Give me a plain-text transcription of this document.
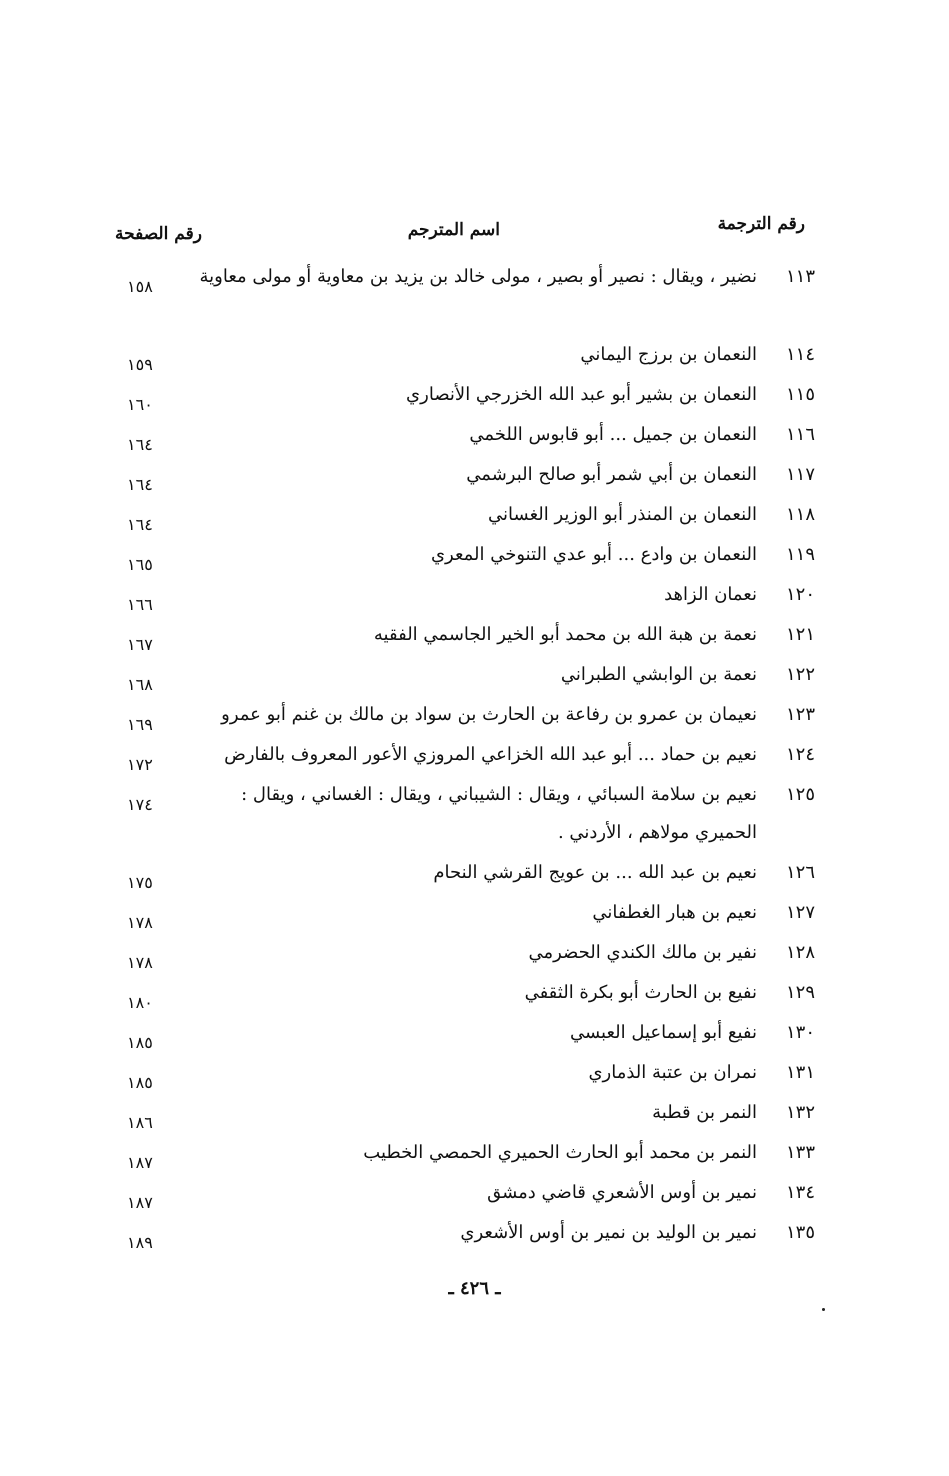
رقم الترجمة
اسم المترجم
رقم الصفحة
١١٣
نضير ، ويقال : نصير أو بصير ، مولى خالد بن يزيد بن معاوية أو مولى معاوية
١٥٨
١١٤
النعمان بن برزج اليماني
١٥٩
١١٥
النعمان بن بشير أبو عبد الله الخزرجي الأنصاري
١٦٠
١١٦
النعمان بن جميل ... أبو قابوس اللخمي
١٦٤
١١٧
النعمان بن أبي شمر أبو صالح البرشمي
١٦٤
١١٨
النعمان بن المنذر أبو الوزير الغساني
١٦٤
١١٩
النعمان بن وادع ... أبو عدي التنوخي المعري
١٦٥
١٢٠
نعمان الزاهد
١٦٦
١٢١
نعمة بن هبة الله بن محمد أبو الخير الجاسمي الفقيه
١٦٧
١٢٢
نعمة بن الوابشي الطبراني
١٦٨
١٢٣
نعيمان بن عمرو بن رفاعة بن الحارث بن سواد بن مالك بن غنم أبو عمرو
١٦٩
١٢٤
نعيم بن حماد ... أبو عبد الله الخزاعي المروزي الأعور المعروف بالفارض
١٧٢
١٢٥
نعيم بن سلامة السبائي ، ويقال : الشيباني ، ويقال : الغساني ، ويقال : الحميري مولاهم ، الأردني .
١٧٤
١٢٦
نعيم بن عبد الله ... بن عويج القرشي النحام
١٧٥
١٢٧
نعيم بن هبار الغطفاني
١٧٨
١٢٨
نفير بن مالك الكندي الحضرمي
١٧٨
١٢٩
نفيع بن الحارث أبو بكرة الثقفي
١٨٠
١٣٠
نفيع أبو إسماعيل العبسي
١٨٥
١٣١
نمران بن عتبة الذماري
١٨٥
١٣٢
النمر بن قطبة
١٨٦
١٣٣
النمر بن محمد أبو الحارث الحميري الحمصي الخطيب
١٨٧
١٣٤
نمير بن أوس الأشعري قاضي دمشق
١٨٧
١٣٥
نمير بن الوليد بن نمير بن أوس الأشعري
١٨٩
ـ ٤٢٦ ـ
